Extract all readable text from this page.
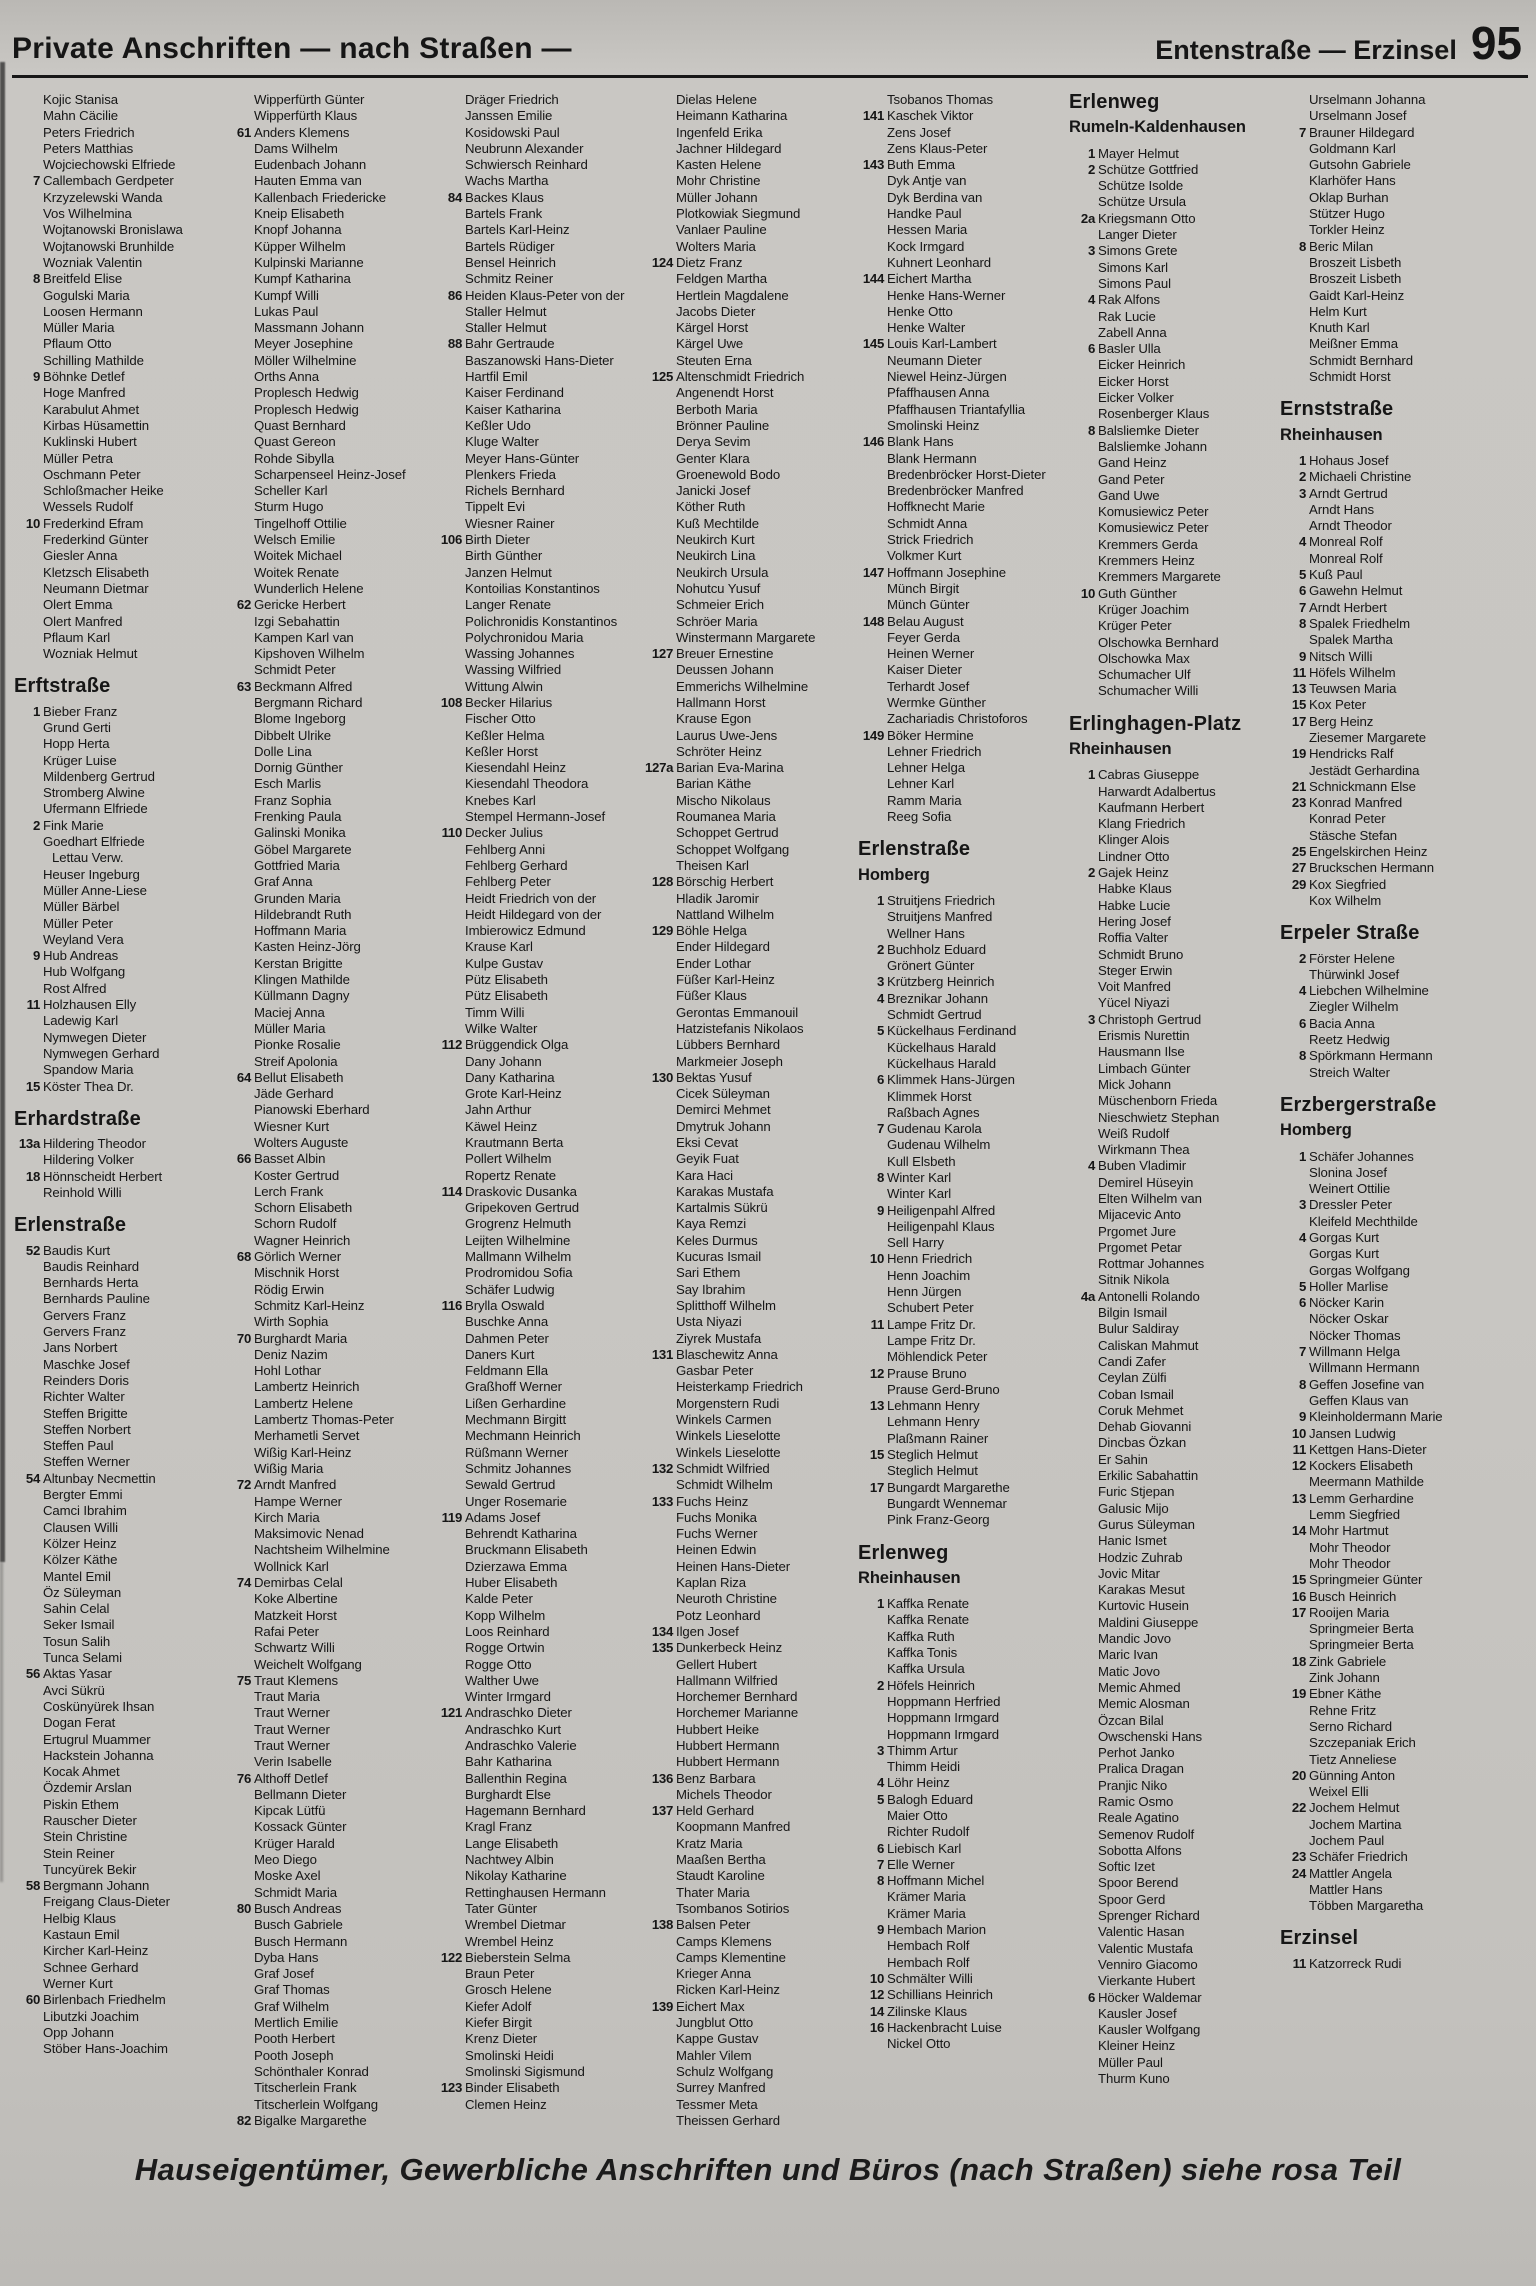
Private Anschriften — nach Straßen —	Entenstraße — Erzinsel 95
Kojic Stanisa
Mahn Cäcilie
Peters Friedrich
Peters Matthias
Wojciechowski Elfriede
7 Callembach Gerdpeter
Krzyzelewski Wanda
Vos Wilhelmina
Wojtanowski Bronislawa
Wojtanowski Brunhilde
Wozniak Valentin
8 Breitfeld Elise
Gogulski Maria
Loosen Hermann
Müller Maria
Pflaum Otto
Schilling Mathilde
9 Böhnke Detlef
Hoge Manfred
Karabulut Ahmet
Kirbas Hüsamettin
Kuklinski Hubert
Müller Petra
Oschmann Peter
Schloßmacher Heike
Wessels Rudolf
10 Frederkind Efram
Frederkind Günter
Giesler Anna
Kletzsch Elisabeth
Neumann Dietmar
Olert Emma
Olert Manfred
Pflaum Karl
Wozniak Helmut
Erftstraße
1 Bieber Franz
Grund Gerti
Hopp Herta
Krüger Luise
Mildenberg Gertrud
Stromberg Alwine
Ufermann Elfriede
2 Fink Marie
Goedhart Elfriede
Lettau Verw.
Heuser Ingeburg
Müller Anne-Liese
Müller Bärbel
Müller Peter
Weyland Vera
9 Hub Andreas
Hub Wolfgang
Rost Alfred
11 Holzhausen Elly
Ladewig Karl
Nymwegen Dieter
Nymwegen Gerhard
Spandow Maria
15 Köster Thea Dr.
Erhardstraße
13a Hildering Theodor
Hildering Volker
18 Hönnscheidt Herbert
Reinhold Willi
Erlenstraße
52 Baudis Kurt
Baudis Reinhard
Bernhards Herta
Bernhards Pauline
Gervers Franz
Gervers Franz
Jans Norbert
Maschke Josef
Reinders Doris
Richter Walter
Steffen Brigitte
Steffen Norbert
Steffen Paul
Steffen Werner
54 Altunbay Necmettin
Bergter Emmi
Camci Ibrahim
Clausen Willi
Kölzer Heinz
Kölzer Käthe
Mantel Emil
Öz Süleyman
Sahin Celal
Seker Ismail
Tosun Salih
Tunca Selami
56 Aktas Yasar
Avci Sükrü
Coskünyürek Ihsan
Dogan Ferat
Ertugrul Muammer
Hackstein Johanna
Kocak Ahmet
Özdemir Arslan
Piskin Ethem
Rauscher Dieter
Stein Christine
Stein Reiner
Tuncyürek Bekir
58 Bergmann Johann
Freigang Claus-Dieter
Helbig Klaus
Kastaun Emil
Kircher Karl-Heinz
Schnee Gerhard
Werner Kurt
60 Birlenbach Friedhelm
Libutzki Joachim
Opp Johann
Stöber Hans-Joachim
Wipperfürth Günter
Wipperfürth Klaus
61 Anders Klemens
Dams Wilhelm
Eudenbach Johann
Hauten Emma van
Kallenbach Friedericke
Kneip Elisabeth
Knopf Johanna
Küpper Wilhelm
Kulpinski Marianne
Kumpf Katharina
Kumpf Willi
Lukas Paul
Massmann Johann
Meyer Josephine
Möller Wilhelmine
Orths Anna
Proplesch Hedwig
Proplesch Hedwig
Quast Bernhard
Quast Gereon
Rohde Sibylla
Scharpenseel Heinz-Josef
Scheller Karl
Sturm Hugo
Tingelhoff Ottilie
Welsch Emilie
Woitek Michael
Woitek Renate
Wunderlich Helene
62 Gericke Herbert
Izgi Sebahattin
Kampen Karl van
Kipshoven Wilhelm
Schmidt Peter
63 Beckmann Alfred
Bergmann Richard
Blome Ingeborg
Dibbelt Ulrike
Dolle Lina
Dornig Günther
Esch Marlis
Franz Sophia
Frenking Paula
Galinski Monika
Göbel Margarete
Gottfried Maria
Graf Anna
Grunden Maria
Hildebrandt Ruth
Hoffmann Maria
Kasten Heinz-Jörg
Kerstan Brigitte
Klingen Mathilde
Küllmann Dagny
Maciej Anna
Müller Maria
Pionke Rosalie
Streif Apolonia
64 Bellut Elisabeth
Jäde Gerhard
Pianowski Eberhard
Wiesner Kurt
Wolters Auguste
66 Basset Albin
Koster Gertrud
Lerch Frank
Schorn Elisabeth
Schorn Rudolf
Wagner Heinrich
68 Görlich Werner
Mischnik Horst
Rödig Erwin
Schmitz Karl-Heinz
Wirth Sophia
70 Burghardt Maria
Deniz Nazim
Hohl Lothar
Lambertz Heinrich
Lambertz Helene
Lambertz Thomas-Peter
Merhametli Servet
Wißig Karl-Heinz
Wißig Maria
72 Arndt Manfred
Hampe Werner
Kirch Maria
Maksimovic Nenad
Nachtsheim Wilhelmine
Wollnick Karl
74 Demirbas Celal
Koke Albertine
Matzkeit Horst
Rafai Peter
Schwartz Willi
Weichelt Wolfgang
75 Traut Klemens
Traut Maria
Traut Werner
Traut Werner
Traut Werner
Verin Isabelle
76 Althoff Detlef
Bellmann Dieter
Kipcak Lütfü
Kossack Günter
Krüger Harald
Meo Diego
Moske Axel
Schmidt Maria
80 Busch Andreas
Busch Gabriele
Busch Hermann
Dyba Hans
Graf Josef
Graf Thomas
Graf Wilhelm
Mertlich Emilie
Pooth Herbert
Pooth Joseph
Schönthaler Konrad
Titscherlein Frank
Titscherlein Wolfgang
82 Bigalke Margarethe
Dräger Friedrich
Janssen Emilie
Kosidowski Paul
Neubrunn Alexander
Schwiersch Reinhard
Wachs Martha
84 Backes Klaus
Bartels Frank
Bartels Karl-Heinz
Bartels Rüdiger
Bensel Heinrich
Schmitz Reiner
86 Heiden Klaus-Peter von der
Staller Helmut
Staller Helmut
88 Bahr Gertraude
Baszanowski Hans-Dieter
Hartfil Emil
Kaiser Ferdinand
Kaiser Katharina
Keßler Udo
Kluge Walter
Meyer Hans-Günter
Plenkers Frieda
Richels Bernhard
Tippelt Evi
Wiesner Rainer
106 Birth Dieter
Birth Günther
Janzen Helmut
Kontoilias Konstantinos
Langer Renate
Polichronidis Konstantinos
Polychronidou Maria
Wassing Johannes
Wassing Wilfried
Wittung Alwin
108 Becker Hilarius
Fischer Otto
Keßler Helma
Keßler Horst
Kiesendahl Heinz
Kiesendahl Theodora
Knebes Karl
Stempel Hermann-Josef
110 Decker Julius
Fehlberg Anni
Fehlberg Gerhard
Fehlberg Peter
Heidt Friedrich von der
Heidt Hildegard von der
Imbierowicz Edmund
Krause Karl
Kulpe Gustav
Pütz Elisabeth
Pütz Elisabeth
Timm Willi
Wilke Walter
112 Brüggendick Olga
Dany Johann
Dany Katharina
Grote Karl-Heinz
Jahn Arthur
Käwel Heinz
Krautmann Berta
Pollert Wilhelm
Ropertz Renate
114 Draskovic Dusanka
Gripekoven Gertrud
Grogrenz Helmuth
Leijten Wilhelmine
Mallmann Wilhelm
Prodromidou Sofia
Schäfer Ludwig
116 Brylla Oswald
Buschke Anna
Dahmen Peter
Daners Kurt
Feldmann Ella
Graßhoff Werner
Lißen Gerhardine
Mechmann Birgitt
Mechmann Heinrich
Rüßmann Werner
Schmitz Johannes
Sewald Gertrud
Unger Rosemarie
119 Adams Josef
Behrendt Katharina
Bruckmann Elisabeth
Dzierzawa Emma
Huber Elisabeth
Kalde Peter
Kopp Wilhelm
Loos Reinhard
Rogge Ortwin
Rogge Otto
Walther Uwe
Winter Irmgard
121 Andraschko Dieter
Andraschko Kurt
Andraschko Valerie
Bahr Katharina
Ballenthin Regina
Burghardt Else
Hagemann Bernhard
Kragl Franz
Lange Elisabeth
Nachtwey Albin
Nikolay Katharine
Rettinghausen Hermann
Tater Günter
Wrembel Dietmar
Wrembel Heinz
122 Bieberstein Selma
Braun Peter
Grosch Helene
Kiefer Adolf
Kiefer Birgit
Krenz Dieter
Smolinski Heidi
Smolinski Sigismund
123 Binder Elisabeth
Clemen Heinz
Dielas Helene
Heimann Katharina
Ingenfeld Erika
Jachner Hildegard
Kasten Helene
Mohr Christine
Müller Johann
Plotkowiak Siegmund
Vanlaer Pauline
Wolters Maria
124 Dietz Franz
Feldgen Martha
Hertlein Magdalene
Jacobs Dieter
Kärgel Horst
Kärgel Uwe
Steuten Erna
125 Altenschmidt Friedrich
Angenendt Horst
Berboth Maria
Brönner Pauline
Derya Sevim
Genter Klara
Groenewold Bodo
Janicki Josef
Köther Ruth
Kuß Mechtilde
Neukirch Kurt
Neukirch Lina
Neukirch Ursula
Nohutcu Yusuf
Schmeier Erich
Schröer Maria
Winstermann Margarete
127 Breuer Ernestine
Deussen Johann
Emmerichs Wilhelmine
Hallmann Horst
Krause Egon
Laurus Uwe-Jens
Schröter Heinz
127a Barian Eva-Marina
Barian Käthe
Mischo Nikolaus
Roumanea Maria
Schoppet Gertrud
Schoppet Wolfgang
Theisen Karl
128 Börschig Herbert
Hladik Jaromir
Nattland Wilhelm
129 Böhle Helga
Ender Hildegard
Ender Lothar
Füßer Karl-Heinz
Füßer Klaus
Gerontas Emmanouil
Hatzistefanis Nikolaos
Lübbers Bernhard
Markmeier Joseph
130 Bektas Yusuf
Cicek Süleyman
Demirci Mehmet
Dmytruk Johann
Eksi Cevat
Geyik Fuat
Kara Haci
Karakas Mustafa
Kartalmis Sükrü
Kaya Remzi
Keles Durmus
Kucuras Ismail
Sari Ethem
Say Ibrahim
Splitthoff Wilhelm
Usta Niyazi
Ziyrek Mustafa
131 Blaschewitz Anna
Gasbar Peter
Heisterkamp Friedrich
Morgenstern Rudi
Winkels Carmen
Winkels Lieselotte
Winkels Lieselotte
132 Schmidt Wilfried
Schmidt Wilhelm
133 Fuchs Heinz
Fuchs Monika
Fuchs Werner
Heinen Edwin
Heinen Hans-Dieter
Kaplan Riza
Neuroth Christine
Potz Leonhard
134 Ilgen Josef
135 Dunkerbeck Heinz
Gellert Hubert
Hallmann Wilfried
Horchemer Bernhard
Horchemer Marianne
Hubbert Heike
Hubbert Hermann
Hubbert Hermann
136 Benz Barbara
Michels Theodor
137 Held Gerhard
Koopmann Manfred
Kratz Maria
Maaßen Bertha
Staudt Karoline
Thater Maria
Tsombanos Sotirios
138 Balsen Peter
Camps Klemens
Camps Klementine
Krieger Anna
Ricken Karl-Heinz
139 Eichert Max
Jungblut Otto
Kappe Gustav
Mahler Vilem
Schulz Wolfgang
Surrey Manfred
Tessmer Meta
Theissen Gerhard
Tsobanos Thomas
141 Kaschek Viktor
Zens Josef
Zens Klaus-Peter
143 Buth Emma
Dyk Antje van
Dyk Berdina van
Handke Paul
Hessen Maria
Kock Irmgard
Kuhnert Leonhard
144 Eichert Martha
Henke Hans-Werner
Henke Otto
Henke Walter
145 Louis Karl-Lambert
Neumann Dieter
Niewel Heinz-Jürgen
Pfaffhausen Anna
Pfaffhausen Triantafyllia
Smolinski Heinz
146 Blank Hans
Blank Hermann
Bredenbröcker Horst-Dieter
Bredenbröcker Manfred
Hoffknecht Marie
Schmidt Anna
Strick Friedrich
Volkmer Kurt
147 Hoffmann Josephine
Münch Birgit
Münch Günter
148 Belau August
Feyer Gerda
Heinen Werner
Kaiser Dieter
Terhardt Josef
Wermke Günther
Zachariadis Christoforos
149 Böker Hermine
Lehner Friedrich
Lehner Helga
Lehner Karl
Ramm Maria
Reeg Sofia
Erlenstraße
Homberg
1 Struitjens Friedrich
Struitjens Manfred
Wellner Hans
2 Buchholz Eduard
Grönert Günter
3 Krützberg Heinrich
4 Breznikar Johann
Schmidt Gertrud
5 Kückelhaus Ferdinand
Kückelhaus Harald
Kückelhaus Harald
6 Klimmek Hans-Jürgen
Klimmek Horst
Raßbach Agnes
7 Gudenau Karola
Gudenau Wilhelm
Kull Elsbeth
8 Winter Karl
Winter Karl
9 Heiligenpahl Alfred
Heiligenpahl Klaus
Sell Harry
10 Henn Friedrich
Henn Joachim
Henn Jürgen
Schubert Peter
11 Lampe Fritz Dr.
Lampe Fritz Dr.
Möhlendick Peter
12 Prause Bruno
Prause Gerd-Bruno
13 Lehmann Henry
Lehmann Henry
Plaßmann Rainer
15 Steglich Helmut
Steglich Helmut
17 Bungardt Margarethe
Bungardt Wennemar
Pink Franz-Georg
Erlenweg
Rheinhausen
1 Kaffka Renate
Kaffka Renate
Kaffka Ruth
Kaffka Tonis
Kaffka Ursula
2 Höfels Heinrich
Hoppmann Herfried
Hoppmann Irmgard
Hoppmann Irmgard
3 Thimm Artur
Thimm Heidi
4 Löhr Heinz
5 Balogh Eduard
Maier Otto
Richter Rudolf
6 Liebisch Karl
7 Elle Werner
8 Hoffmann Michel
Krämer Maria
Krämer Maria
9 Hembach Marion
Hembach Rolf
Hembach Rolf
10 Schmälter Willi
12 Schillians Heinrich
14 Zilinske Klaus
16 Hackenbracht Luise
Nickel Otto
Erlenweg
Rumeln-Kaldenhausen
1 Mayer Helmut
2 Schütze Gottfried
Schütze Isolde
Schütze Ursula
2a Kriegsmann Otto
Langer Dieter
3 Simons Grete
Simons Karl
Simons Paul
4 Rak Alfons
Rak Lucie
Zabell Anna
6 Basler Ulla
Eicker Heinrich
Eicker Horst
Eicker Volker
Rosenberger Klaus
8 Balsliemke Dieter
Balsliemke Johann
Gand Heinz
Gand Peter
Gand Uwe
Komusiewicz Peter
Komusiewicz Peter
Kremmers Gerda
Kremmers Heinz
Kremmers Margarete
10 Guth Günther
Krüger Joachim
Krüger Peter
Olschowka Bernhard
Olschowka Max
Schumacher Ulf
Schumacher Willi
Erlinghagen-Platz
Rheinhausen
1 Cabras Giuseppe
Harwardt Adalbertus
Kaufmann Herbert
Klang Friedrich
Klinger Alois
Lindner Otto
2 Gajek Heinz
Habke Klaus
Habke Lucie
Hering Josef
Roffia Valter
Schmidt Bruno
Steger Erwin
Voit Manfred
Yücel Niyazi
3 Christoph Gertrud
Erismis Nurettin
Hausmann Ilse
Limbach Günter
Mick Johann
Müschenborn Frieda
Nieschwietz Stephan
Weiß Rudolf
Wirkmann Thea
4 Buben Vladimir
Demirel Hüseyin
Elten Wilhelm van
Mijacevic Anto
Prgomet Jure
Prgomet Petar
Rottmar Johannes
Sitnik Nikola
4a Antonelli Rolando
Bilgin Ismail
Bulur Saldiray
Caliskan Mahmut
Candi Zafer
Ceylan Zülfi
Coban Ismail
Coruk Mehmet
Dehab Giovanni
Dincbas Özkan
Er Sahin
Erkilic Sabahattin
Furic Stjepan
Galusic Mijo
Gurus Süleyman
Hanic Ismet
Hodzic Zuhrab
Jovic Mitar
Karakas Mesut
Kurtovic Husein
Maldini Giuseppe
Mandic Jovo
Maric Ivan
Matic Jovo
Memic Ahmed
Memic Alosman
Özcan Bilal
Owschenski Hans
Perhot Janko
Pralica Dragan
Pranjic Niko
Ramic Osmo
Reale Agatino
Semenov Rudolf
Sobotta Alfons
Softic Izet
Spoor Berend
Spoor Gerd
Sprenger Richard
Valentic Hasan
Valentic Mustafa
Venniro Giacomo
Vierkante Hubert
6 Höcker Waldemar
Kausler Josef
Kausler Wolfgang
Kleiner Heinz
Müller Paul
Thurm Kuno
Urselmann Johanna
Urselmann Josef
7 Brauner Hildegard
Goldmann Karl
Gutsohn Gabriele
Klarhöfer Hans
Oklap Burhan
Stützer Hugo
Torkler Heinz
8 Beric Milan
Broszeit Lisbeth
Broszeit Lisbeth
Gaidt Karl-Heinz
Helm Kurt
Knuth Karl
Meißner Emma
Schmidt Bernhard
Schmidt Horst
Ernststraße
Rheinhausen
1 Hohaus Josef
2 Michaeli Christine
3 Arndt Gertrud
Arndt Hans
Arndt Theodor
4 Monreal Rolf
Monreal Rolf
5 Kuß Paul
6 Gawehn Helmut
7 Arndt Herbert
8 Spalek Friedhelm
Spalek Martha
9 Nitsch Willi
11 Höfels Wilhelm
13 Teuwsen Maria
15 Kox Peter
17 Berg Heinz
Ziesemer Margarete
19 Hendricks Ralf
Jestädt Gerhardina
21 Schnickmann Else
23 Konrad Manfred
Konrad Peter
Stäsche Stefan
25 Engelskirchen Heinz
27 Bruckschen Hermann
29 Kox Siegfried
Kox Wilhelm
Erpeler Straße
2 Förster Helene
Thürwinkl Josef
4 Liebchen Wilhelmine
Ziegler Wilhelm
6 Bacia Anna
Reetz Hedwig
8 Spörkmann Hermann
Streich Walter
Erzbergerstraße
Homberg
1 Schäfer Johannes
Slonina Josef
Weinert Ottilie
3 Dressler Peter
Kleifeld Mechthilde
4 Gorgas Kurt
Gorgas Kurt
Gorgas Wolfgang
5 Holler Marlise
6 Nöcker Karin
Nöcker Oskar
Nöcker Thomas
7 Willmann Helga
Willmann Hermann
8 Geffen Josefine van
Geffen Klaus van
9 Kleinholdermann Marie
10 Jansen Ludwig
11 Kettgen Hans-Dieter
12 Kockers Elisabeth
Meermann Mathilde
13 Lemm Gerhardine
Lemm Siegfried
14 Mohr Hartmut
Mohr Theodor
Mohr Theodor
15 Springmeier Günter
16 Busch Heinrich
17 Rooijen Maria
Springmeier Berta
Springmeier Berta
18 Zink Gabriele
Zink Johann
19 Ebner Käthe
Rehne Fritz
Serno Richard
Szczepaniak Erich
Tietz Anneliese
20 Günning Anton
Weixel Elli
22 Jochem Helmut
Jochem Martina
Jochem Paul
23 Schäfer Friedrich
24 Mattler Angela
Mattler Hans
Többen Margaretha
Erzinsel
11 Katzorreck Rudi
Hauseigentümer, Gewerbliche Anschriften und Büros (nach Straßen) siehe rosa Teil
